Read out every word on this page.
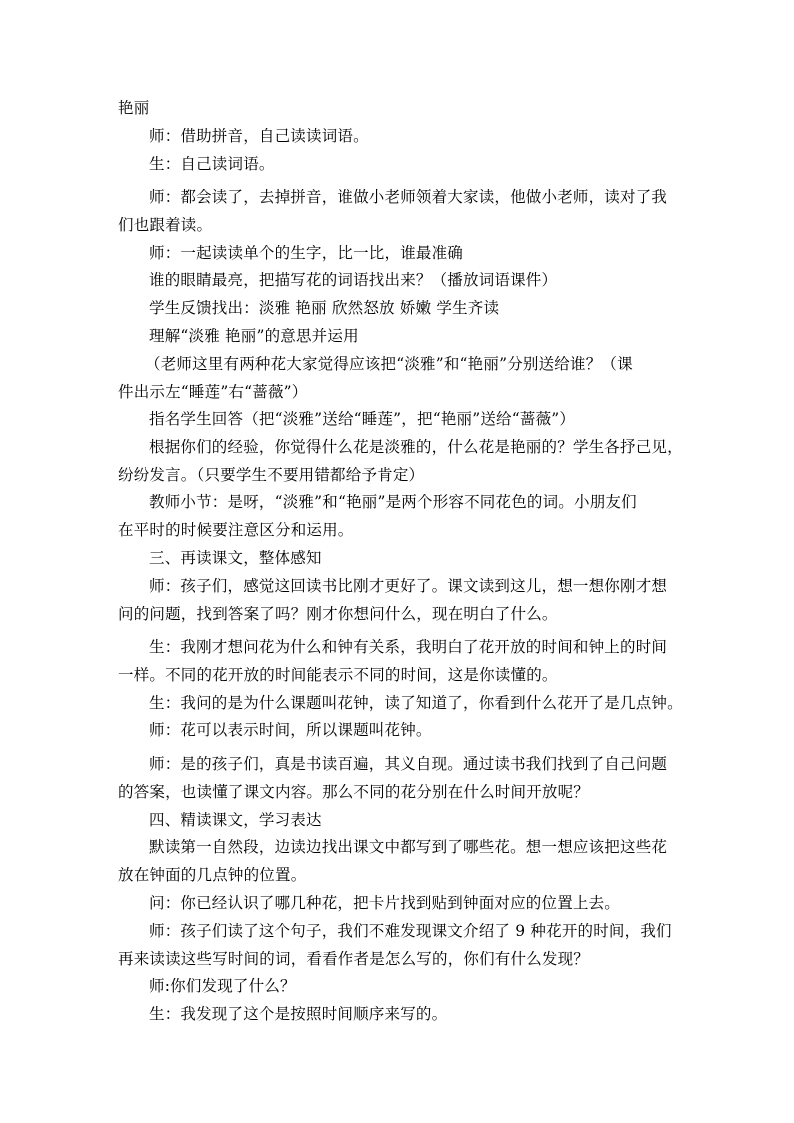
艳丽
师：借助拼音，自己读读词语。
生：自己读词语。
师：都会读了，去掉拼音，谁做小老师领着大家读，他做小老师，读对了我
们也跟着读。
师：一起读读单个的生字，比一比，谁最准确
谁的眼睛最亮，把描写花的词语找出来？（播放词语课件）
学生反馈找出：淡雅 艳丽 欣然怒放 娇嫩 学生齐读
理解“淡雅 艳丽”的意思并运用
（老师这里有两种花大家觉得应该把“淡雅”和“艳丽”分别送给谁？（课
件出示左“睡莲”右“蔷薇”）
指名学生回答（把“淡雅”送给“睡莲”，把“艳丽”送给“蔷薇”）
根据你们的经验，你觉得什么花是淡雅的，什么花是艳丽的？学生各抒己见，
纷纷发言。（只要学生不要用错都给予肯定）
教师小节：是呀，“淡雅”和“艳丽”是两个形容不同花色的词。小朋友们
在平时的时候要注意区分和运用。
三、再读课文，整体感知
师：孩子们，感觉这回读书比刚才更好了。课文读到这儿，想一想你刚才想
问的问题，找到答案了吗？刚才你想问什么，现在明白了什么。
生：我刚才想问花为什么和钟有关系，我明白了花开放的时间和钟上的时间
一样。不同的花开放的时间能表示不同的时间，这是你读懂的。
生：我问的是为什么课题叫花钟，读了知道了，你看到什么花开了是几点钟。
师：花可以表示时间，所以课题叫花钟。
师：是的孩子们，真是书读百遍，其义自现。通过读书我们找到了自己问题
的答案，也读懂了课文内容。那么不同的花分别在什么时间开放呢？
四、精读课文，学习表达
默读第一自然段，边读边找出课文中都写到了哪些花。想一想应该把这些花
放在钟面的几点钟的位置。
问：你已经认识了哪几种花，把卡片找到贴到钟面对应的位置上去。
师：孩子们读了这个句子，我们不难发现课文介绍了 9 种花开的时间，我们
再来读读这些写时间的词，看看作者是怎么写的，你们有什么发现？
师:你们发现了什么？
生：我发现了这个是按照时间顺序来写的。
